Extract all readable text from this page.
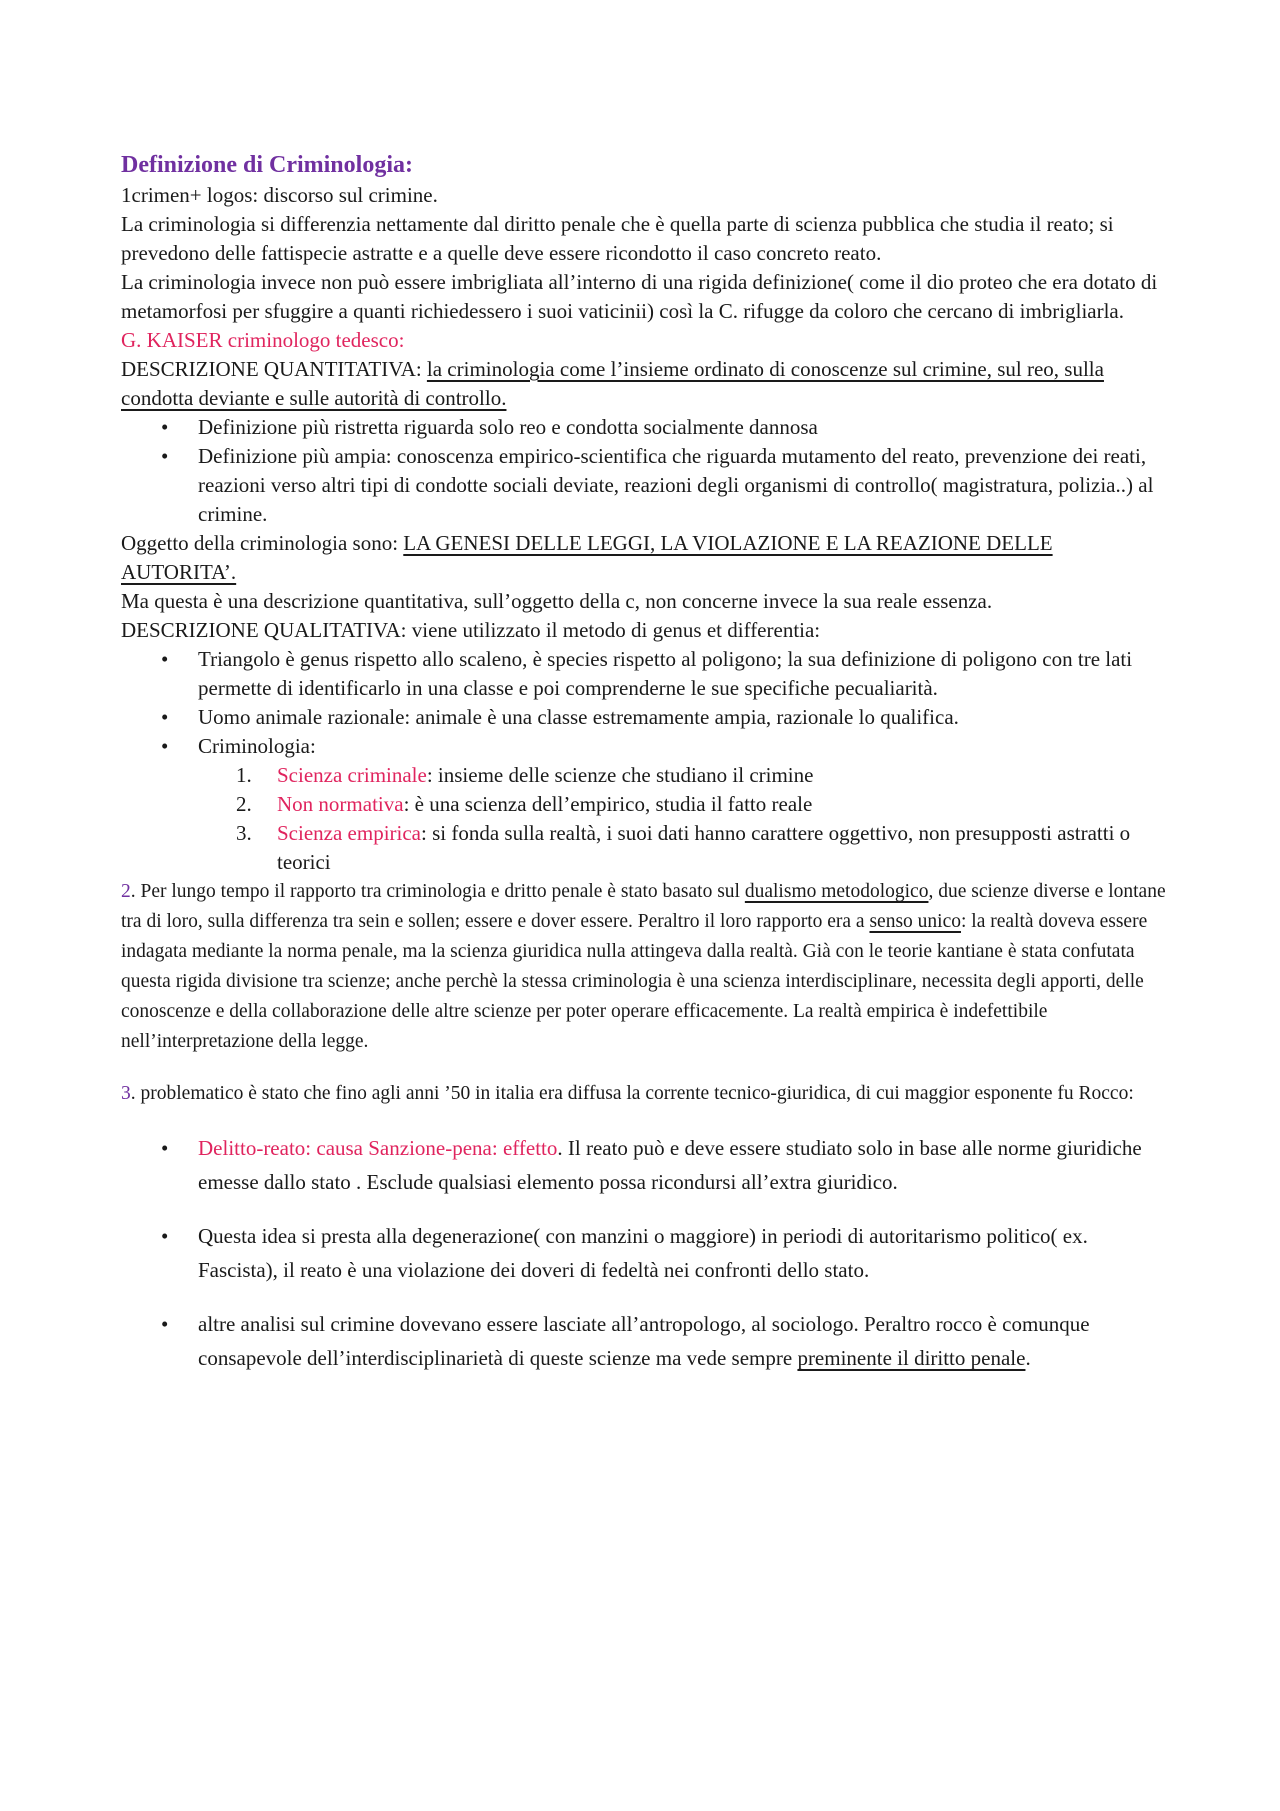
Definizione di Criminologia:

1crimen+ logos: discorso sul crimine.

La criminologia si differenzia nettamente dal diritto penale che è quella parte di scienza pubblica che studia il reato; si prevedono delle fattispecie astratte e a quelle deve essere ricondotto il caso concreto reato.

La criminologia invece non può essere imbrigliata all’interno di una rigida definizione( come il dio proteo che era dotato di metamorfosi per sfuggire a quanti richiedessero i suoi vaticinii) così la C. rifugge da coloro che cercano di imbrigliarla.

G. KAISER criminologo tedesco:

DESCRIZIONE QUANTITATIVA: la criminologia come l’insieme ordinato di conoscenze sul crimine, sul reo, sulla condotta deviante e sulle autorità di controllo.

• Definizione più ristretta riguarda solo reo e condotta socialmente dannosa
• Definizione più ampia: conoscenza empirico-scientifica che riguarda mutamento del reato, prevenzione dei reati, reazioni verso altri tipi di condotte sociali deviate, reazioni degli organismi di controllo( magistratura, polizia..) al crimine.

Oggetto della criminologia sono: LA GENESI DELLE LEGGI, LA VIOLAZIONE E LA REAZIONE DELLE AUTORITA’.

Ma questa è una descrizione quantitativa, sull’oggetto della c, non concerne invece la sua reale essenza.

DESCRIZIONE QUALITATIVA: viene utilizzato il metodo di genus et differentia:

• Triangolo è genus rispetto allo scaleno, è species rispetto al poligono; la sua definizione di poligono con tre lati permette di identificarlo in una classe e poi comprenderne le sue specifiche pecualiarità.
• Uomo animale razionale: animale è una classe estremamente ampia, razionale lo qualifica.
• Criminologia:
1. Scienza criminale: insieme delle scienze che studiano il crimine
2. Non normativa: è una scienza dell’empirico, studia il fatto reale
3. Scienza empirica: si fonda sulla realtà, i suoi dati hanno carattere oggettivo, non presupposti astratti o teorici

2. Per lungo tempo il rapporto tra criminologia e dritto penale è stato basato sul dualismo metodologico, due scienze diverse e lontane tra di loro, sulla differenza tra sein e sollen; essere e dover essere. Peraltro il loro rapporto era a senso unico: la realtà doveva essere indagata mediante la norma penale, ma la scienza giuridica nulla attingeva dalla realtà. Già con le teorie kantiane è stata confutata questa rigida divisione tra scienze; anche perchè la stessa criminologia è una scienza interdisciplinare, necessita degli apporti, delle conoscenze e della collaborazione delle altre scienze per poter operare efficacemente. La realtà empirica è indefettibile nell’interpretazione della legge.

3. problematico è stato che fino agli anni ’50 in italia era diffusa la corrente tecnico-giuridica, di cui maggior esponente fu Rocco:

• Delitto-reato: causa Sanzione-pena: effetto. Il reato può e deve essere studiato solo in base alle norme giuridiche emesse dallo stato . Esclude qualsiasi elemento possa ricondursi all’extra giuridico.
• Questa idea si presta alla degenerazione( con manzini o maggiore) in periodi di autoritarismo politico( ex. Fascista), il reato è una violazione dei doveri di fedeltà nei confronti dello stato.
• altre analisi sul crimine dovevano essere lasciate all’antropologo, al sociologo. Peraltro rocco è comunque consapevole dell’interdisciplinarietà di queste scienze ma vede sempre preminente il diritto penale.
